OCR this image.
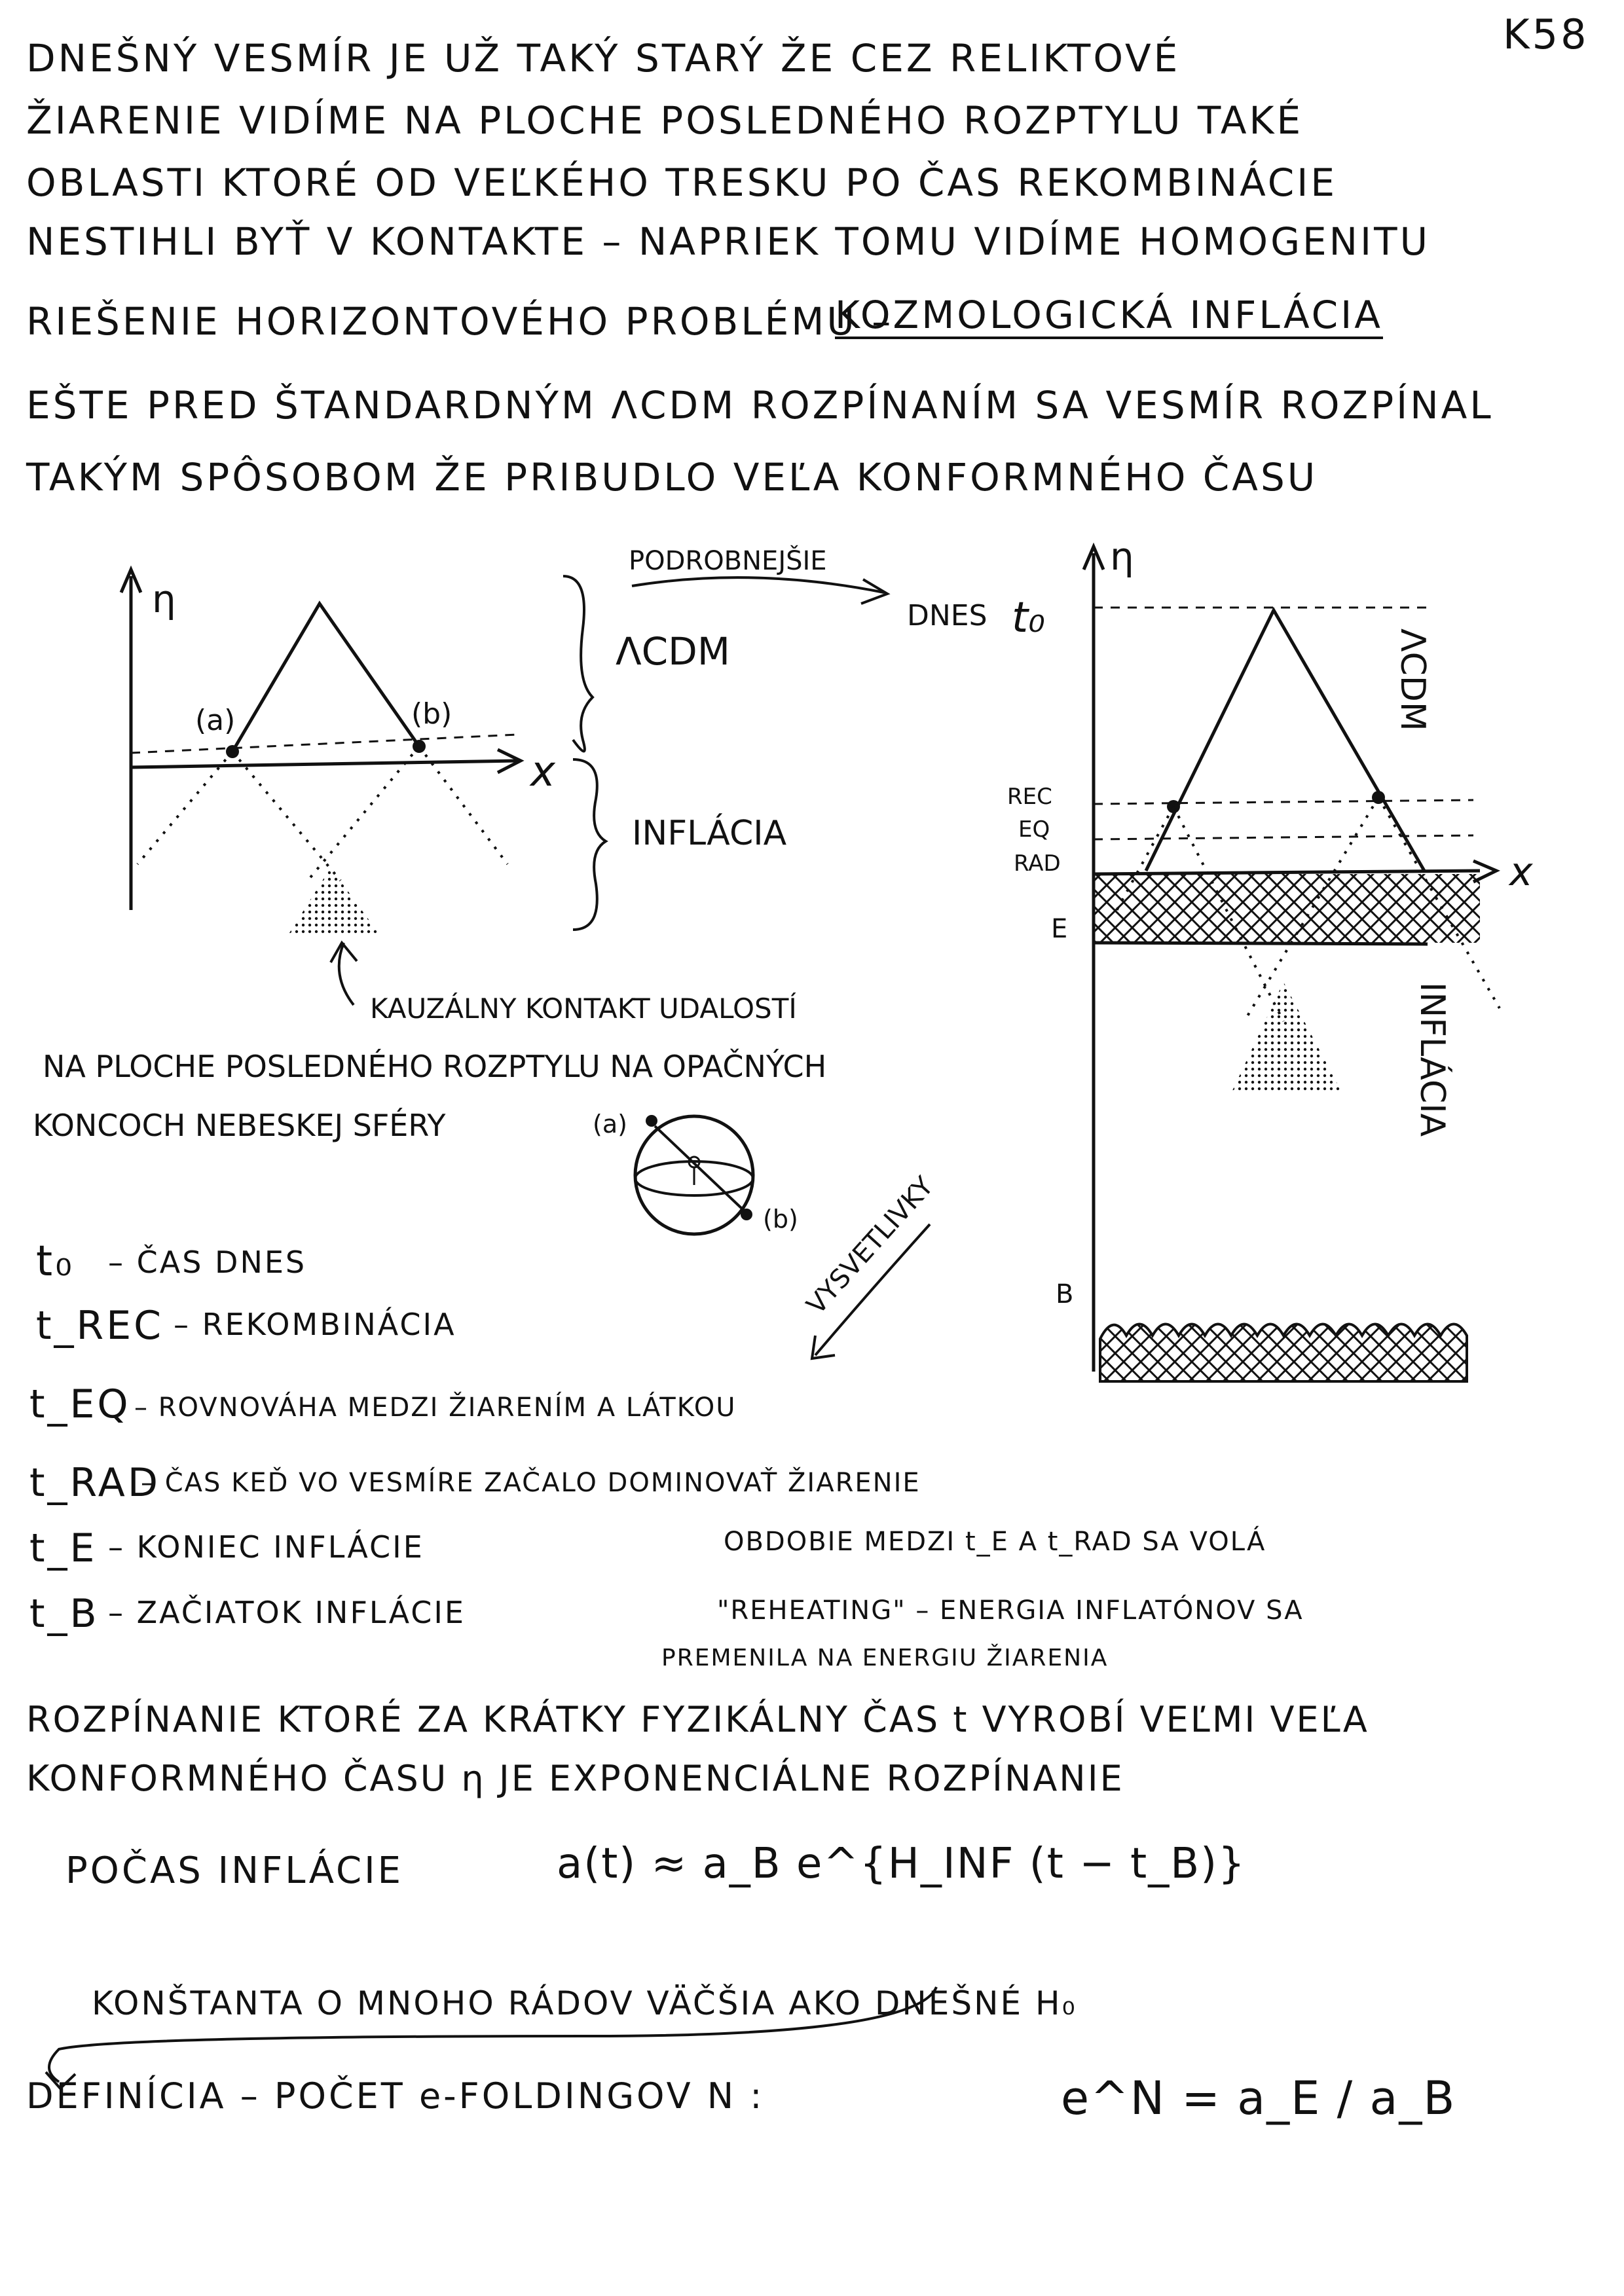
K58
DNEŠNÝ VESMÍR JE UŽ TAKÝ STARÝ ŽE CEZ RELIKTOVÉ
ŽIARENIE VIDÍME NA PLOCHE POSLEDNÉHO ROZPTYLU TAKÉ
OBLASTI KTORÉ OD VEĽKÉHO TRESKU PO ČAS REKOMBINÁCIE
NESTIHLI BYŤ V KONTAKTE – NAPRIEK TOMU VIDÍME HOMOGENITU
RIEŠENIE HORIZONTOVÉHO PROBLÉMU –
KOZMOLOGICKÁ INFLÁCIA
EŠTE PRED ŠTANDARDNÝM ΛCDM ROZPÍNANÍM SA VESMÍR ROZPÍNAL
TAKÝM SPÔSOBOM ŽE PRIBUDLO VEĽA KONFORMNÉHO ČASU
η
x
(a)	(b)
ΛCDM
INFLÁCIA
PODROBNEJŠIE
KAUZÁLNY KONTAKT UDALOSTÍ
NA PLOCHE POSLEDNÉHO ROZPTYLU NA OPAČNÝCH
KONCOCH NEBESKEJ SFÉRY	(a)
(b)
η
DNES t₀
ΛCDM
REC
EQ
RAD	x
E
INFLÁCIA
B
VYSVETLIVKY
t₀ – ČAS DNES
t_REC – REKOMBINÁCIA
t_EQ – ROVNOVÁHA MEDZI ŽIARENÍM A LÁTKOU
t_RAD
– ČAS KEĎ VO VESMÍRE ZAČALO DOMINOVAŤ ŽIARENIE
t_E – KONIEC INFLÁCIE
t_B – ZAČIATOK INFLÁCIE
OBDOBIE MEDZI t_E A t_RAD SA VOLÁ
"REHEATING" – ENERGIA INFLATÓNOV SA
PREMENILA NA ENERGIU ŽIARENIA
ROZPÍNANIE KTORÉ ZA KRÁTKY FYZIKÁLNY ČAS t VYROBÍ VEĽMI VEĽA
KONFORMNÉHO ČASU η JE EXPONENCIÁLNE ROZPÍNANIE
POČAS INFLÁCIE	a(t) ≈ a_B e^{H_INF (t − t_B)}
KONŠTANTA O MNOHO RÁDOV VÄČŠIA AKO DNEŠNÉ H₀
DEFINÍCIA – POČET e-FOLDINGOV N :	e^N = a_E / a_B
